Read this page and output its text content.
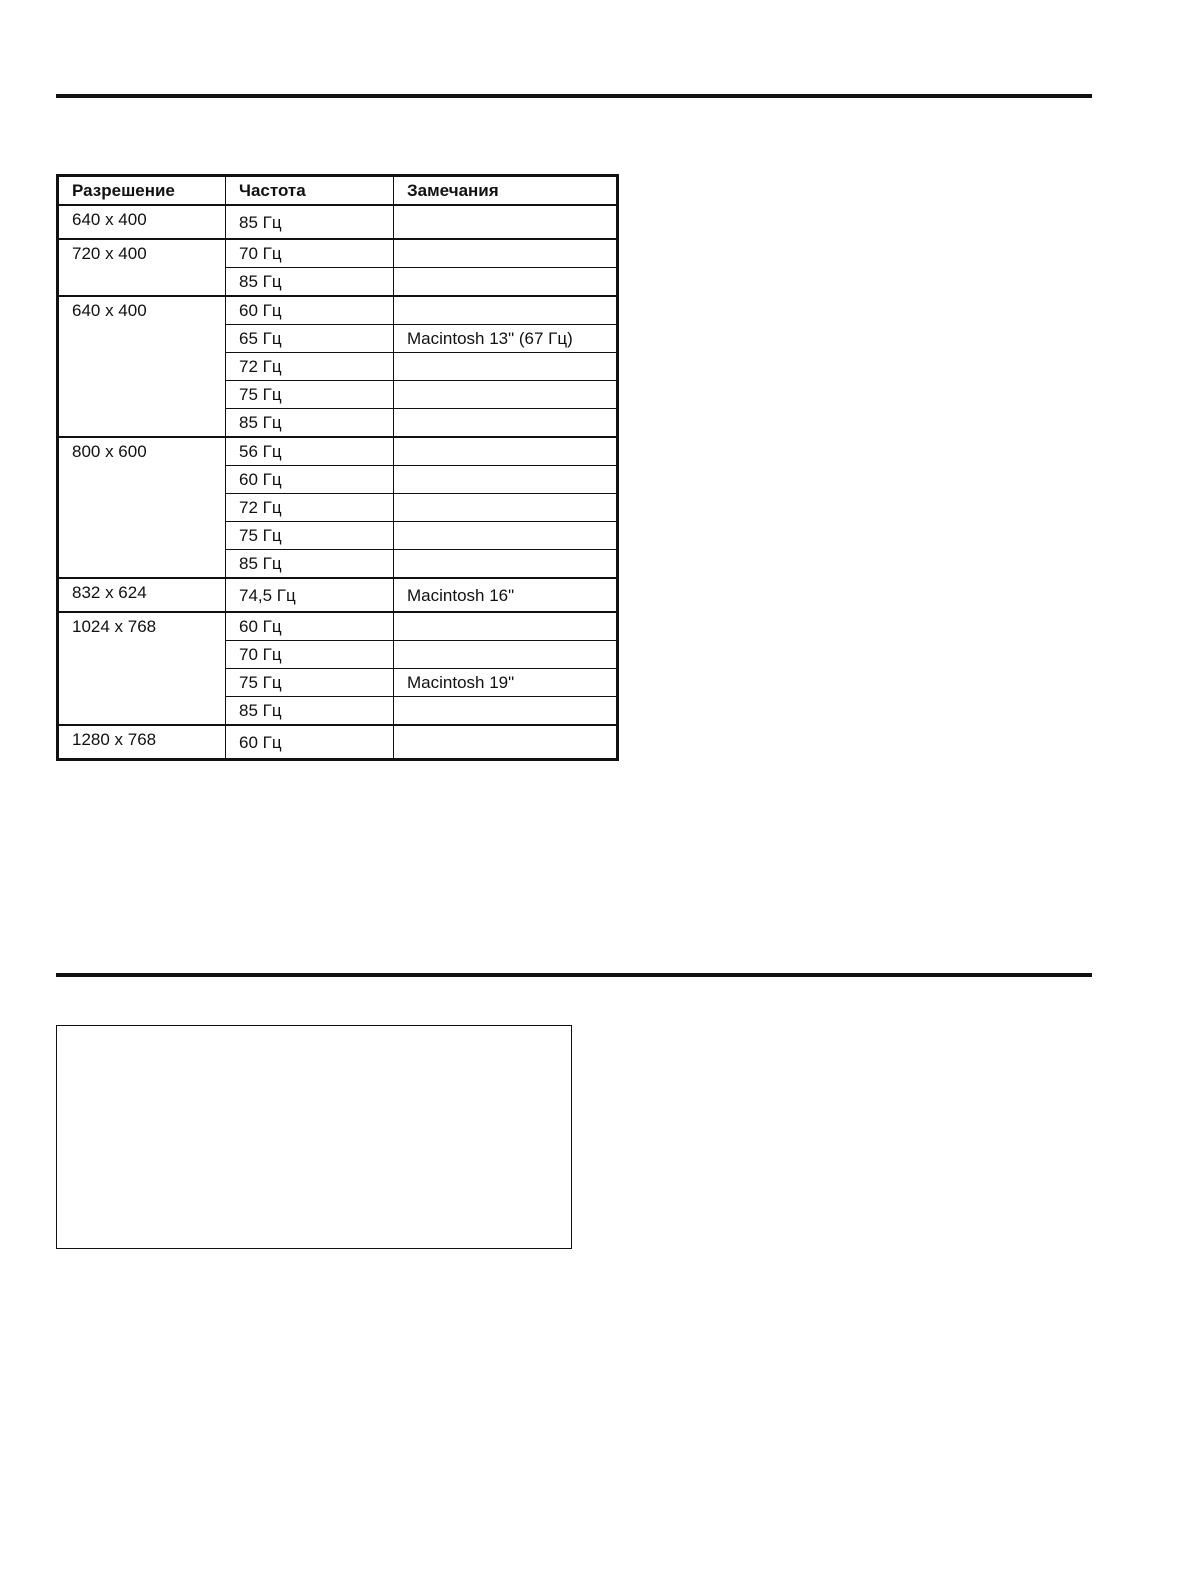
Разрешение	Частота	Замечания
640 x 400	85 Гц	
720 x 400	70 Гц	
	85 Гц	
640 x 400	60 Гц	
	65 Гц	Macintosh 13" (67 Гц)
	72 Гц	
	75 Гц	
	85 Гц	
800 x 600	56 Гц	
	60 Гц	
	72 Гц	
	75 Гц	
	85 Гц	
832 x 624	74,5 Гц	Macintosh 16"
1024 x 768	60 Гц	
	70 Гц	
	75 Гц	Macintosh 19"
	85 Гц	
1280 x 768	60 Гц	
